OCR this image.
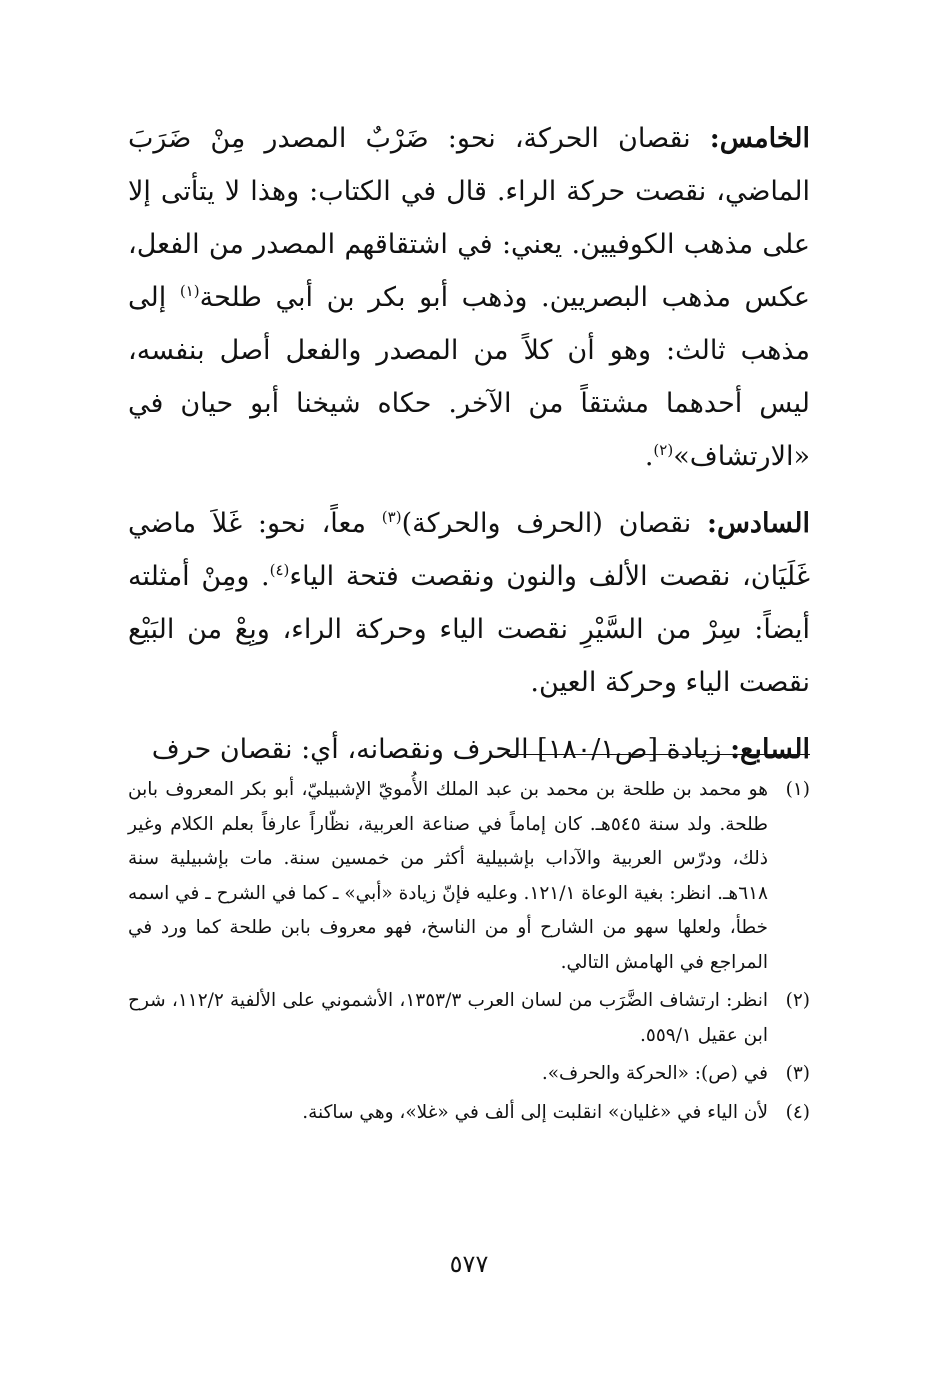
الخامس: نقصان الحركة، نحو: ضَرْبٌ المصدر مِنْ ضَرَبَ الماضي، نقصت حركة الراء. قال في الكتاب: وهذا لا يتأتى إلا على مذهب الكوفيين. يعني: في اشتقاقهم المصدر من الفعل، عكس مذهب البصريين. وذهب أبو بكر بن أبي طلحة$^{(١)}$ إلى مذهب ثالث: وهو أن كلاً من المصدر والفعل أصل بنفسه، ليس أحدهما مشتقاً من الآخر. حكاه شيخنا أبو حيان في «الارتشاف»$^{(٢)}$.

السادس: نقصان (الحرف والحركة)$^{(٣)}$ معاً، نحو: غَلاَ ماضي غَلَيَان، نقصت الألف والنون ونقصت فتحة الياء$^{(٤)}$. ومِنْ أمثلته أيضاً: سِرْ من السَّيْرِ نقصت الياء وحركة الراء، وبِعْ من البَيْع نقصت الياء وحركة العين.

السابع: زيادة [ص١٨٠/١] الحرف ونقصانه، أي: نقصان حرف

(١)
هو محمد بن طلحة بن محمد بن عبد الملك الأُمويّ الإشبيليّ، أبو بكر المعروف بابن طلحة. ولد سنة ٥٤٥هـ. كان إماماً في صناعة العربية، نظّاراً عارفاً بعلم الكلام وغير ذلك، ودرّس العربية والآداب بإشبيلية أكثر من خمسين سنة. مات بإشبيلية سنة ٦١٨هـ. انظر: بغية الوعاة ١٢١/١. وعليه فإنّ زيادة «أبي» ـ كما في الشرح ـ في اسمه خطأ، ولعلها سهو من الشارح أو من الناسخ، فهو معروف بابن طلحة كما ورد في المراجع في الهامش التالي.
(٢)
انظر: ارتشاف الضَّرَب من لسان العرب ١٣٥٣/٣، الأشموني على الألفية ١١٢/٢، شرح ابن عقيل ٥٥٩/١.
(٣)
في (ص): «الحركة والحرف».
(٤)
لأن الياء في «غليان» انقلبت إلى ألف في «غلا»، وهي ساكنة.
٥٧٧
